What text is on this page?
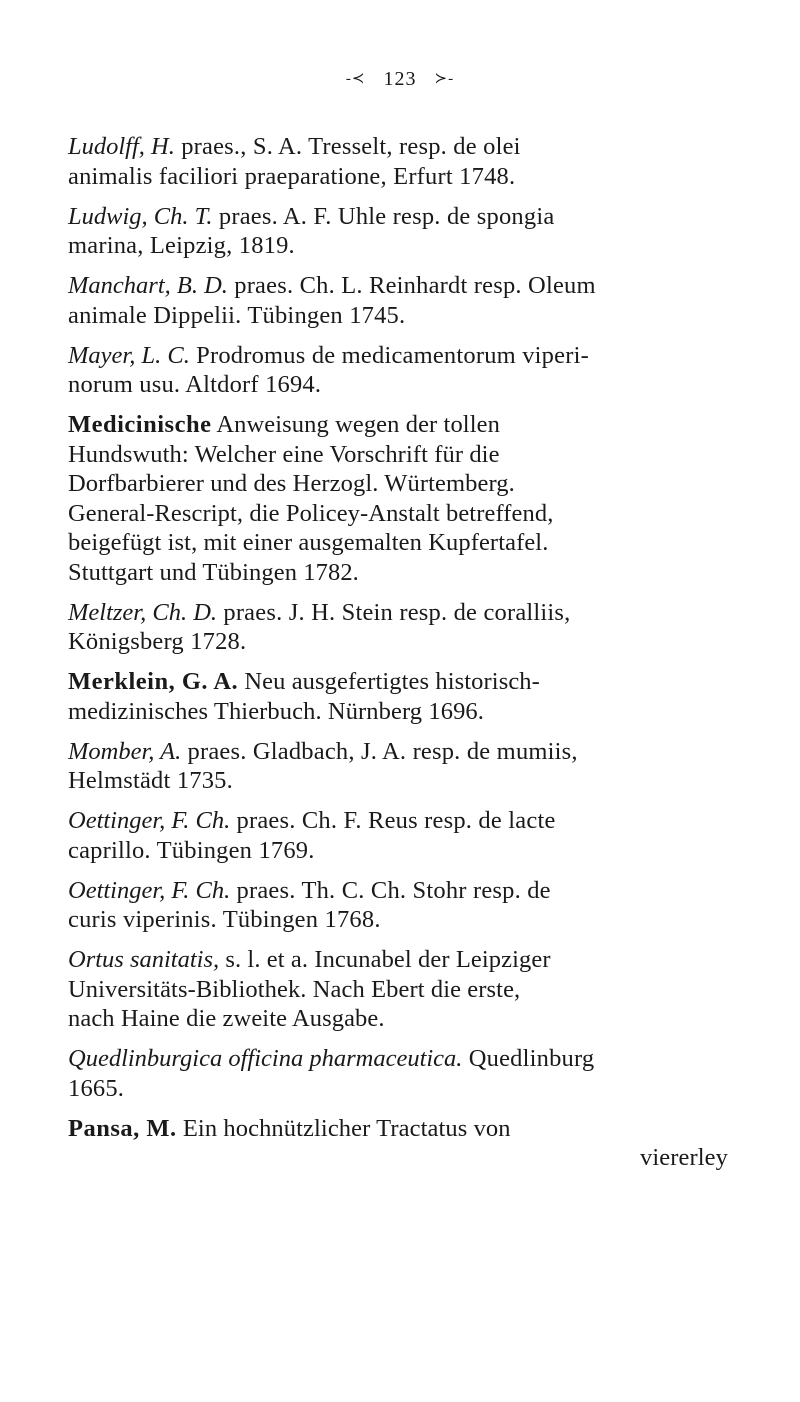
-≺ 123 ≻-
Ludolff, H. praes., S. A. Tresselt, resp. de olei
animalis faciliori praeparatione, Erfurt 1748.
Ludwig, Ch. T. praes. A. F. Uhle resp. de spongia
marina, Leipzig, 1819.
Manchart, B. D. praes. Ch. L. Reinhardt resp. Oleum
animale Dippelii. Tübingen 1745.
Mayer, L. C. Prodromus de medicamentorum viperi-
norum usu. Altdorf 1694.
Medicinische Anweisung wegen der tollen
Hundswuth: Welcher eine Vorschrift für die
Dorfbarbierer und des Herzogl. Würtemberg.
General-Rescript, die Policey-Anstalt betreffend,
beigefügt ist, mit einer ausgemalten Kupfertafel.
Stuttgart und Tübingen 1782.
Meltzer, Ch. D. praes. J. H. Stein resp. de coralliis,
Königsberg 1728.
Merklein, G. A. Neu ausgefertigtes historisch-
medizinisches Thierbuch. Nürnberg 1696.
Momber, A. praes. Gladbach, J. A. resp. de mumiis,
Helmstädt 1735.
Oettinger, F. Ch. praes. Ch. F. Reus resp. de lacte
caprillo. Tübingen 1769.
Oettinger, F. Ch. praes. Th. C. Ch. Stohr resp. de
curis viperinis. Tübingen 1768.
Ortus sanitatis, s. l. et a. Incunabel der Leipziger
Universitäts-Bibliothek. Nach Ebert die erste,
nach Haine die zweite Ausgabe.
Quedlinburgica officina pharmaceutica. Quedlinburg
1665.
Pansa, M. Ein hochnützlicher Tractatus von
viererley
